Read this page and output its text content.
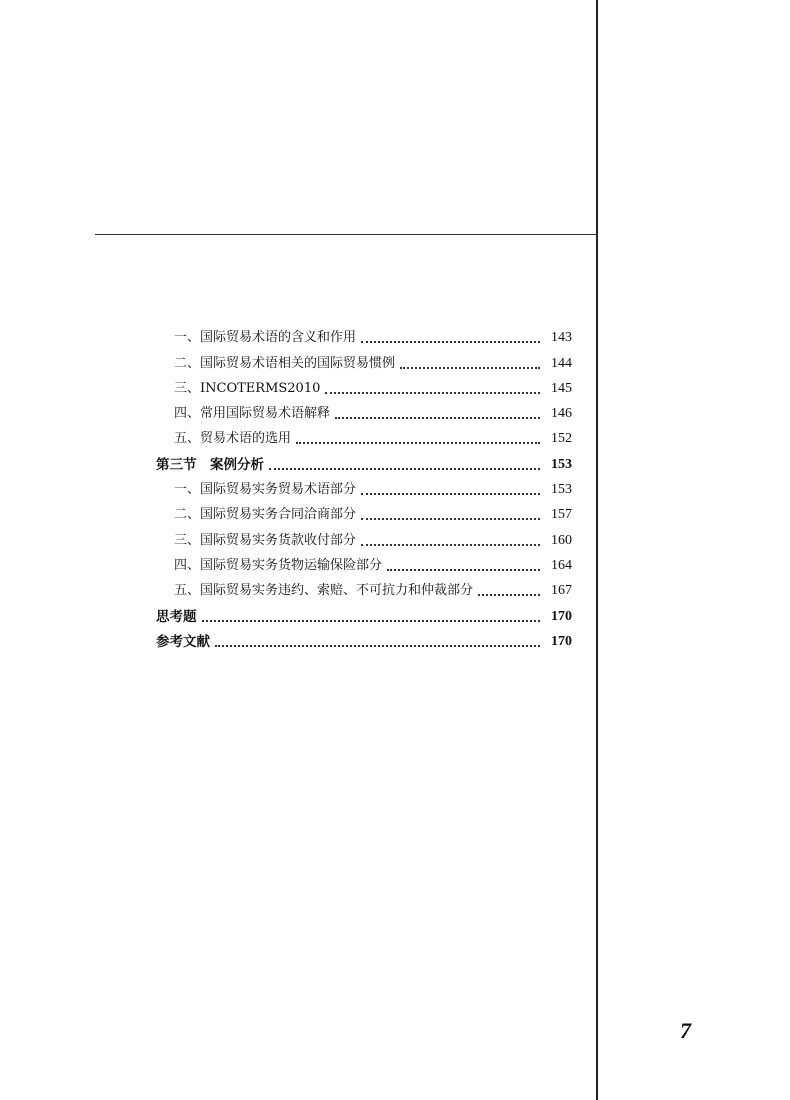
一、国际贸易术语的含义和作用	143
二、国际贸易术语相关的国际贸易惯例	144
三、INCOTERMS2010	145
四、常用国际贸易术语解释	146
五、贸易术语的选用	152
第三节　案例分析	153
一、国际贸易实务贸易术语部分	153
二、国际贸易实务合同洽商部分	157
三、国际贸易实务货款收付部分	160
四、国际贸易实务货物运输保险部分	164
五、国际贸易实务违约、索赔、不可抗力和仲裁部分	167
思考题	170
参考文献	170
7
